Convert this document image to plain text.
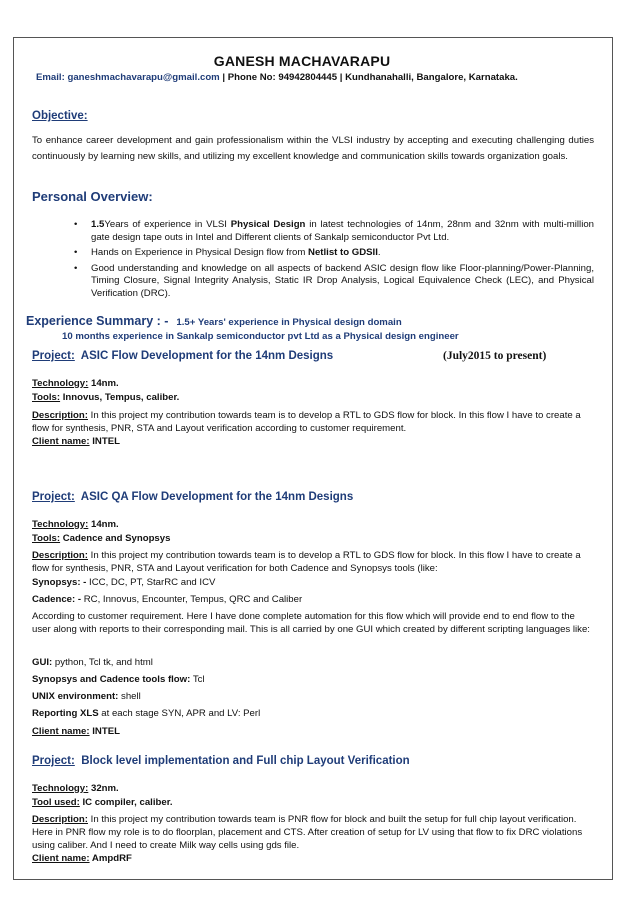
GANESH MACHAVARAPU
Email: ganeshmachavarapu@gmail.com | Phone No: 94942804445 | Kundhanahalli, Bangalore, Karnataka.
Objective:
To enhance career development and gain professionalism within the VLSI industry by accepting and executing challenging duties continuously by learning new skills, and utilizing my excellent knowledge and communication skills towards organization goals.
Personal Overview:
• 1.5Years of experience in VLSI Physical Design in latest technologies of 14nm, 28nm and 32nm with multi-million gate design tape outs in Intel and Different clients of Sankalp semiconductor Pvt Ltd.
• Hands on Experience in Physical Design flow from Netlist to GDSII.
• Good understanding and knowledge on all aspects of backend ASIC design flow like Floor-planning/Power-Planning, Timing Closure, Signal Integrity Analysis, Static IR Drop Analysis, Logical Equivalence Check (LEC), and Physical Verification (DRC).
Experience Summary : - 1.5+ Years' experience in Physical design domain
10 months experience in Sankalp semiconductor pvt Ltd as a Physical design engineer
(July2015 to present)
Project: ASIC Flow Development for the 14nm Designs
Technology: 14nm.
Tools: Innovus, Tempus, caliber.
Description: In this project my contribution towards team is to develop a RTL to GDS flow for block. In this flow I have to create a flow for synthesis, PNR, STA and Layout verification according to customer requirement.
Client name: INTEL
Project: ASIC QA Flow Development for the 14nm Designs
Technology: 14nm.
Tools: Cadence and Synopsys
Description: In this project my contribution towards team is to develop a RTL to GDS flow for block. In this flow I have to create a flow for synthesis, PNR, STA and Layout verification for both Cadence and Synopsys tools (like:
Synopsys: - ICC, DC, PT, StarRC and ICV
Cadence: - RC, Innovus, Encounter, Tempus, QRC and Caliber
According to customer requirement. Here I have done complete automation for this flow which will provide end to end flow to the user along with reports to their corresponding mail. This is all carried by one GUI which created by different scripting languages like:
GUI: python, Tcl tk, and html
Synopsys and Cadence tools flow: Tcl
UNIX environment: shell
Reporting XLS at each stage SYN, APR and LV: Perl
Client name: INTEL
Project: Block level implementation and Full chip Layout Verification
Technology: 32nm.
Tool used: IC compiler, caliber.
Description: In this project my contribution towards team is PNR flow for block and built the setup for full chip layout verification. Here in PNR flow my role is to do floorplan, placement and CTS. After creation of setup for LV using that flow to fix DRC violations using caliber. And I need to create Milk way cells using gds file.
Client name: AmpdRF
